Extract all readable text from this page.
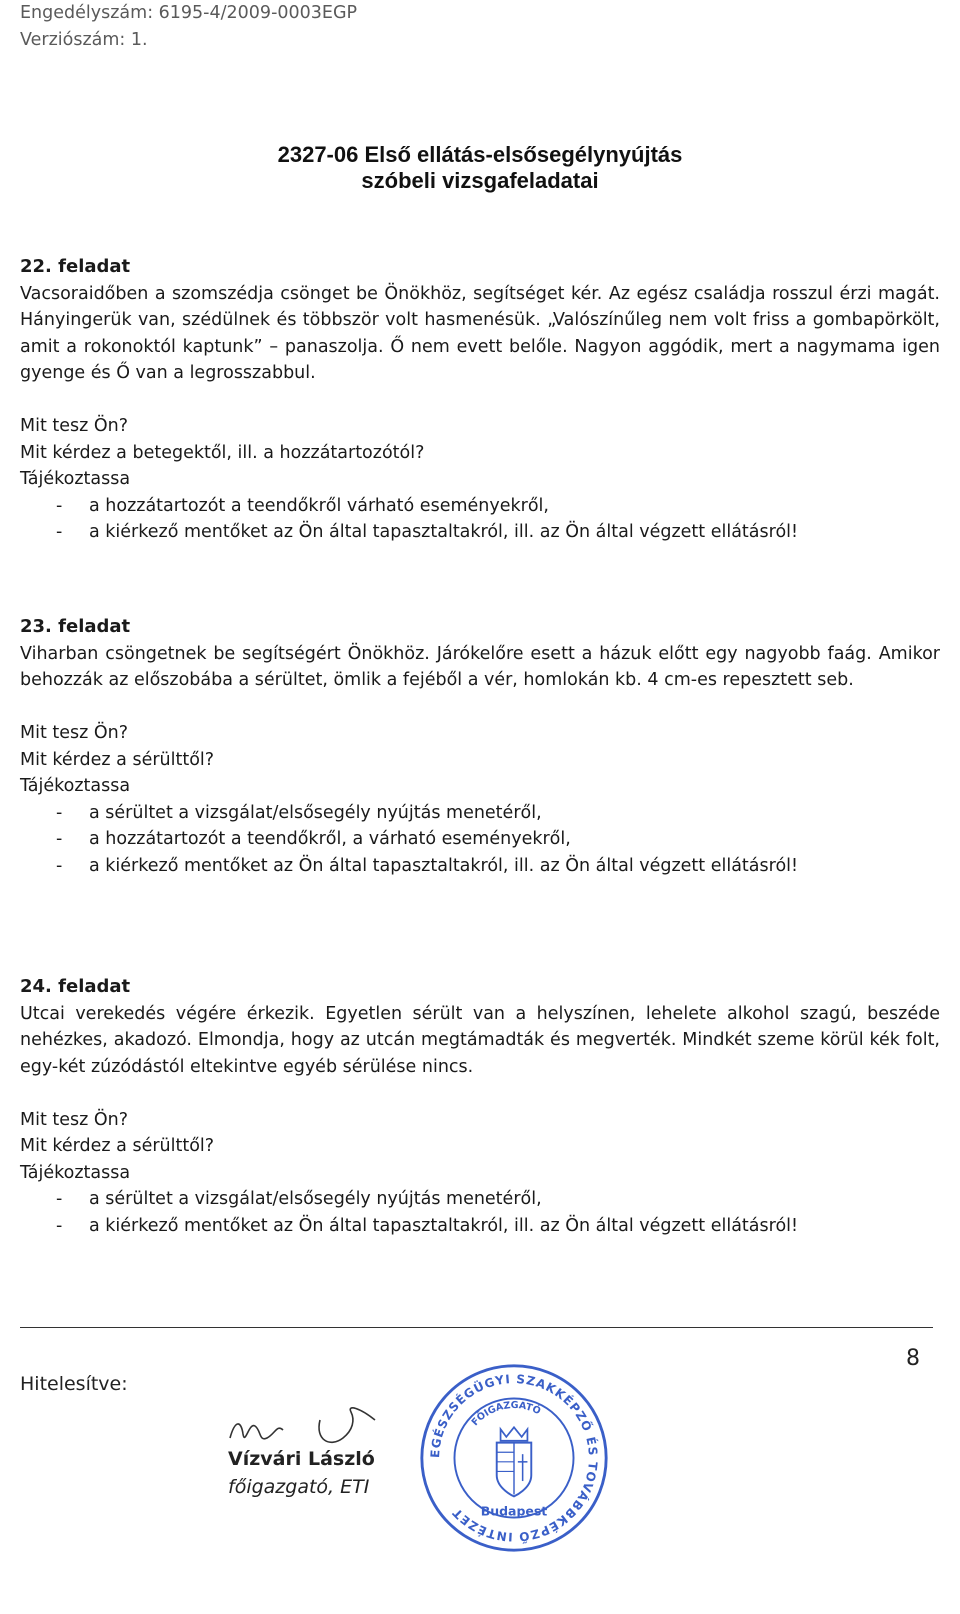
Engedélyszám: 6195-4/2009-0003EGP
Verziószám: 1.
2327-06 Első ellátás-elsősegélynyújtás
szóbeli vizsgafeladatai

22. feladat

Vacsoraidőben a szomszédja csönget be Önökhöz, segítséget kér. Az egész családja rosszul érzi magát. Hányingerük van, szédülnek és többször volt hasmenésük. „Valószínűleg nem volt friss a gombapörkölt, amit a rokonoktól kaptunk” – panaszolja. Ő nem evett belőle. Nagyon aggódik, mert a nagymama igen gyenge és Ő van a legrosszabbul.

Mit tesz Ön?

Mit kérdez a betegektől, ill. a hozzátartozótól?

Tájékoztassa

-	a hozzátartozót a teendőkről várható eseményekről,
-	a kiérkező mentőket az Ön által tapasztaltakról, ill. az Ön által végzett ellátásról!

23. feladat

Viharban csöngetnek be segítségért Önökhöz. Járókelőre esett a házuk előtt egy nagyobb faág. Amikor behozzák az előszobába a sérültet, ömlik a fejéből a vér, homlokán kb. 4 cm-es repesztett seb.

Mit tesz Ön?

Mit kérdez a sérülttől?

Tájékoztassa

-	a sérültet a vizsgálat/elsősegély nyújtás menetéről,
-	a hozzátartozót a teendőkről, a várható eseményekről,
-	a kiérkező mentőket az Ön által tapasztaltakról, ill. az Ön által végzett ellátásról!

24. feladat

Utcai verekedés végére érkezik. Egyetlen sérült van a helyszínen, lehelete alkohol szagú, beszéde nehézkes, akadozó. Elmondja, hogy az utcán megtámadták és megverték. Mindkét szeme körül kék folt, egy-két zúzódástól eltekintve egyéb sérülése nincs.

Mit tesz Ön?

Mit kérdez a sérülttől?

Tájékoztassa

-	a sérültet a vizsgálat/elsősegély nyújtás menetéről,
-	a kiérkező mentőket az Ön által tapasztaltakról, ill. az Ön által végzett ellátásról!
8
Hitelesítve:
Vízvári László
főigazgató, ETI
EGÉSZSÉGÜGYI SZAKKÉPZŐ ÉS TOVÁBBKÉPZŐ INTÉZET
FŐIGAZGATÓ
Budapest
